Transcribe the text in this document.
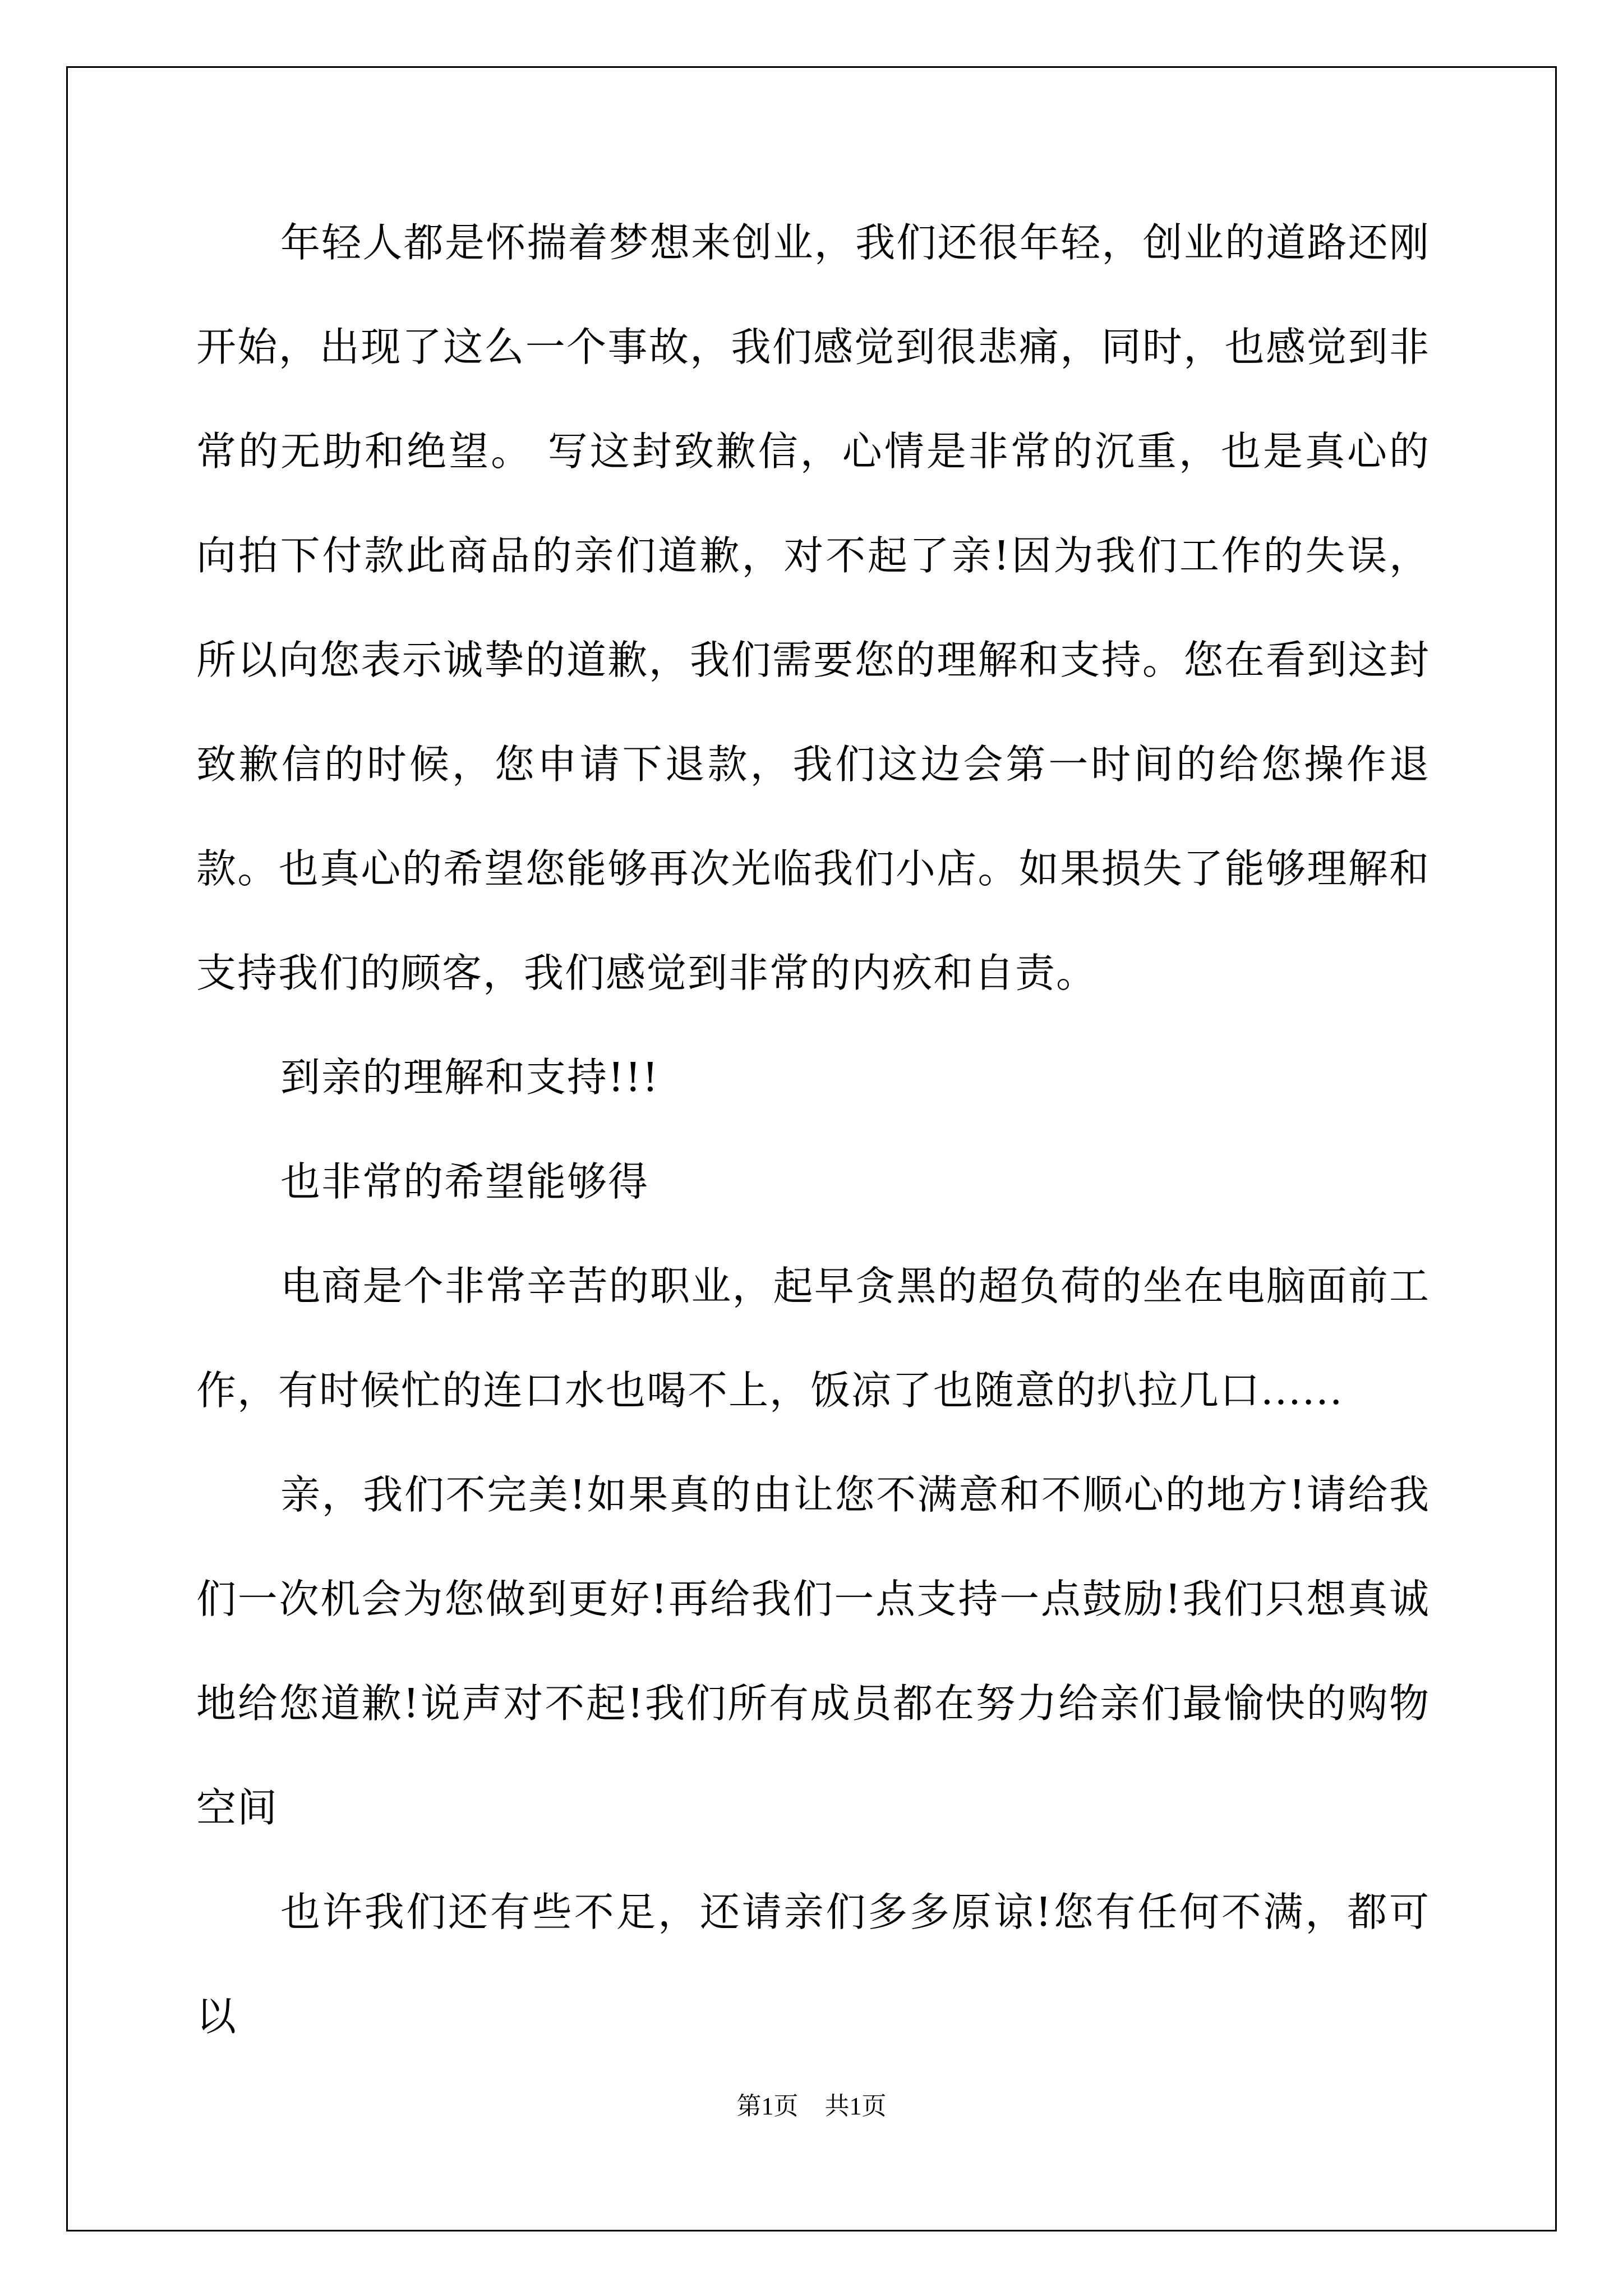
年轻人都是怀揣着梦想来创业，我们还很年轻，创业的道路还刚开始，出现了这么一个事故，我们感觉到很悲痛，同时，也感觉到非常的无助和绝望。 写这封致歉信，心情是非常的沉重，也是真心的向拍下付款此商品的亲们道歉，对不起了亲!因为我们工作的失误，所以向您表示诚挚的道歉，我们需要您的理解和支持。您在看到这封致歉信的时候，您申请下退款，我们这边会第一时间的给您操作退款。也真心的希望您能够再次光临我们小店。如果损失了能够理解和支持我们的顾客，我们感觉到非常的内疚和自责。

到亲的理解和支持!!!

也非常的希望能够得

电商是个非常辛苦的职业，起早贪黑的超负荷的坐在电脑面前工作，有时候忙的连口水也喝不上，饭凉了也随意的扒拉几口......

亲，我们不完美!如果真的由让您不满意和不顺心的地方!请给我们一次机会为您做到更好!再给我们一点支持一点鼓励!我们只想真诚地给您道歉!说声对不起!我们所有成员都在努力给亲们最愉快的购物空间

也许我们还有些不足，还请亲们多多原谅!您有任何不满，都可以

第1页 共1页
